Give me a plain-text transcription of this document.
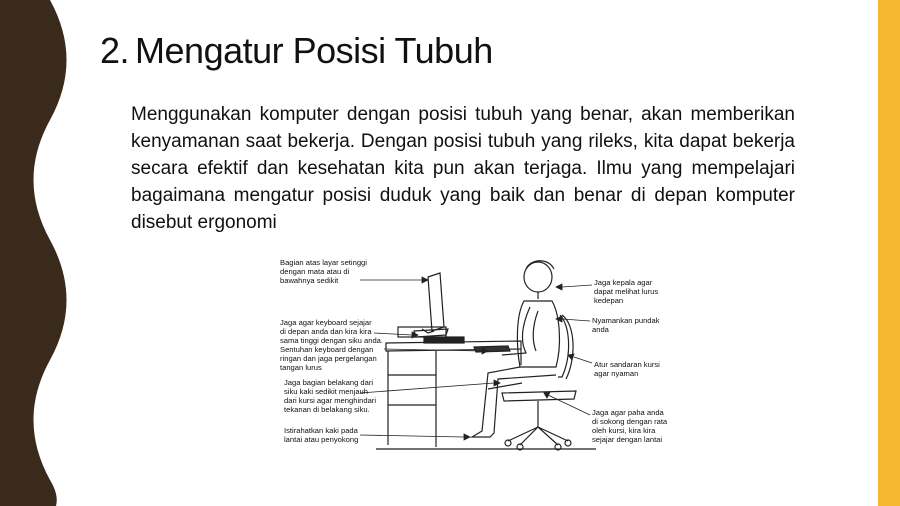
2. Mengatur Posisi Tubuh

Menggunakan komputer dengan posisi tubuh yang benar, akan memberikan kenyamanan saat bekerja. Dengan posisi tubuh yang rileks, kita dapat bekerja secara efektif dan kesehatan kita pun akan terjaga. Ilmu yang mempelajari bagaimana mengatur posisi duduk yang baik dan benar di depan komputer disebut ergonomi

Bagian atas layar setinggi dengan mata atau di bawahnya sedikit
Jaga agar keyboard sejajar di depan anda dan kira kira sama tinggi dengan siku anda. Sentuhan keyboard dengan ringan dan jaga pergelangan tangan lurus
Jaga bagian belakang dari siku kaki sedikit menjauh dari kursi agar menghindari tekanan di belakang siku.
Istirahatkan kaki pada lantai atau penyokong
Jaga kepala agar dapat melihat lurus kedepan
Nyamankan pundak anda
Atur sandaran kursi agar nyaman
Jaga agar paha anda di sokong dengan rata oleh kursi, kira kira sejajar dengan lantai
